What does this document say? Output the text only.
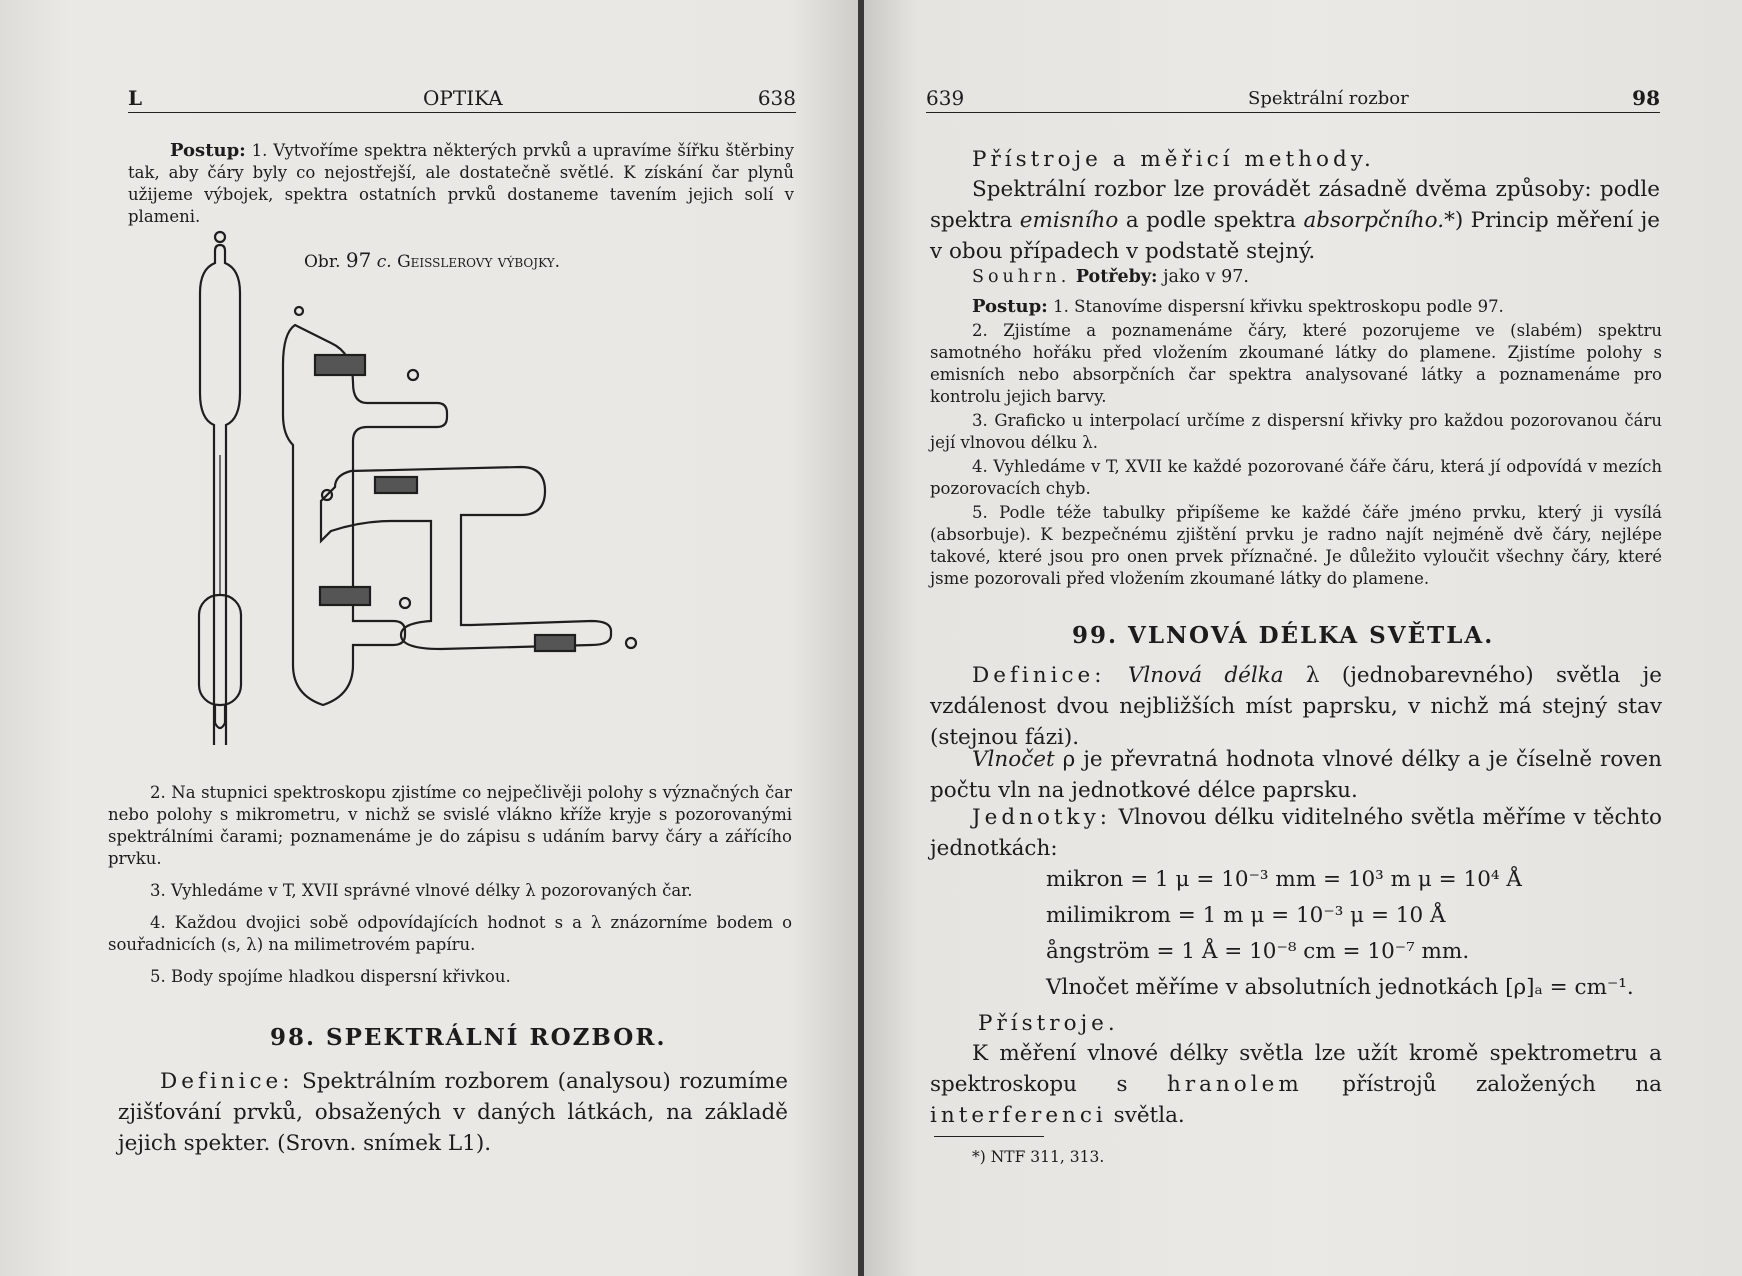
L	OPTIKA	638
Postup: 1. Vytvoříme spektra některých prvků a upravíme šířku štěrbiny tak, aby čáry byly co nejostřejší, ale dostatečně světlé. K získání čar plynů užijeme výbojek, spektra ostatních prvků dostaneme tavením jejich solí v plameni.
Obr. 97 c. Geisslerovy výbojky.
2. Na stupnici spektroskopu zjistíme co nejpečlivěji polohy s význačných čar nebo polohy s mikrometru, v nichž se svislé vlákno kříže kryje s pozorovanými spektrálními čarami; poznamenáme je do zápisu s udáním barvy čáry a zářícího prvku.
3. Vyhledáme v T, XVII správné vlnové délky λ pozorovaných čar.
4. Každou dvojici sobě odpovídajících hodnot s a λ znázorníme bodem o souřadnicích (s, λ) na milimetrovém papíru.
5. Body spojíme hladkou dispersní křivkou.
98. SPEKTRÁLNÍ ROZBOR.
Definice: Spektrálním rozborem (analysou) rozumíme zjišťování prvků, obsažených v daných látkách, na základě jejich spekter. (Srovn. snímek L1).
639	Spektrální rozbor	98
Přístroje a měřicí methody.
Spektrální rozbor lze provádět zásadně dvěma způsoby: podle spektra emisního a podle spektra absorpčního.*) Princip měření je v obou případech v podstatě stejný.
Souhrn. Potřeby: jako v 97.
Postup: 1. Stanovíme dispersní křivku spektroskopu podle 97.
2. Zjistíme a poznamenáme čáry, které pozorujeme ve (slabém) spektru samotného hořáku před vložením zkoumané látky do plamene. Zjistíme polohy s emisních nebo absorpčních čar spektra analysované látky a poznamenáme pro kontrolu jejich barvy.
3. Graficko u interpolací určíme z dispersní křivky pro každou pozorovanou čáru její vlnovou délku λ.
4. Vyhledáme v T, XVII ke každé pozorované čáře čáru, která jí odpovídá v mezích pozorovacích chyb.
5. Podle téže tabulky připíšeme ke každé čáře jméno prvku, který ji vysílá (absorbuje). K bezpečnému zjištění prvku je radno najít nejméně dvě čáry, nejlépe takové, které jsou pro onen prvek příznačné. Je důležito vyloučit všechny čáry, které jsme pozorovali před vložením zkoumané látky do plamene.
99. VLNOVÁ DÉLKA SVĚTLA.
Definice: Vlnová délka λ (jednobarevného) světla je vzdálenost dvou nejbližších míst paprsku, v nichž má stejný stav (stejnou fázi).
Vlnočet ρ je převratná hodnota vlnové délky a je číselně roven počtu vln na jednotkové délce paprsku.
Jednotky: Vlnovou délku viditelného světla měříme v těchto jednotkách:
mikron = 1 μ = 10⁻³ mm = 10³ m μ = 10⁴ Å
milimikrom = 1 m μ = 10⁻³ μ = 10 Å
ångström = 1 Å = 10⁻⁸ cm = 10⁻⁷ mm.
Vlnočet měříme v absolutních jednotkách [ρ]ₐ = cm⁻¹.
Přístroje.
K měření vlnové délky světla lze užít kromě spektrometru a spektroskopu s hranolem přístrojů založených na interferenci světla.
*) NTF 311, 313.
